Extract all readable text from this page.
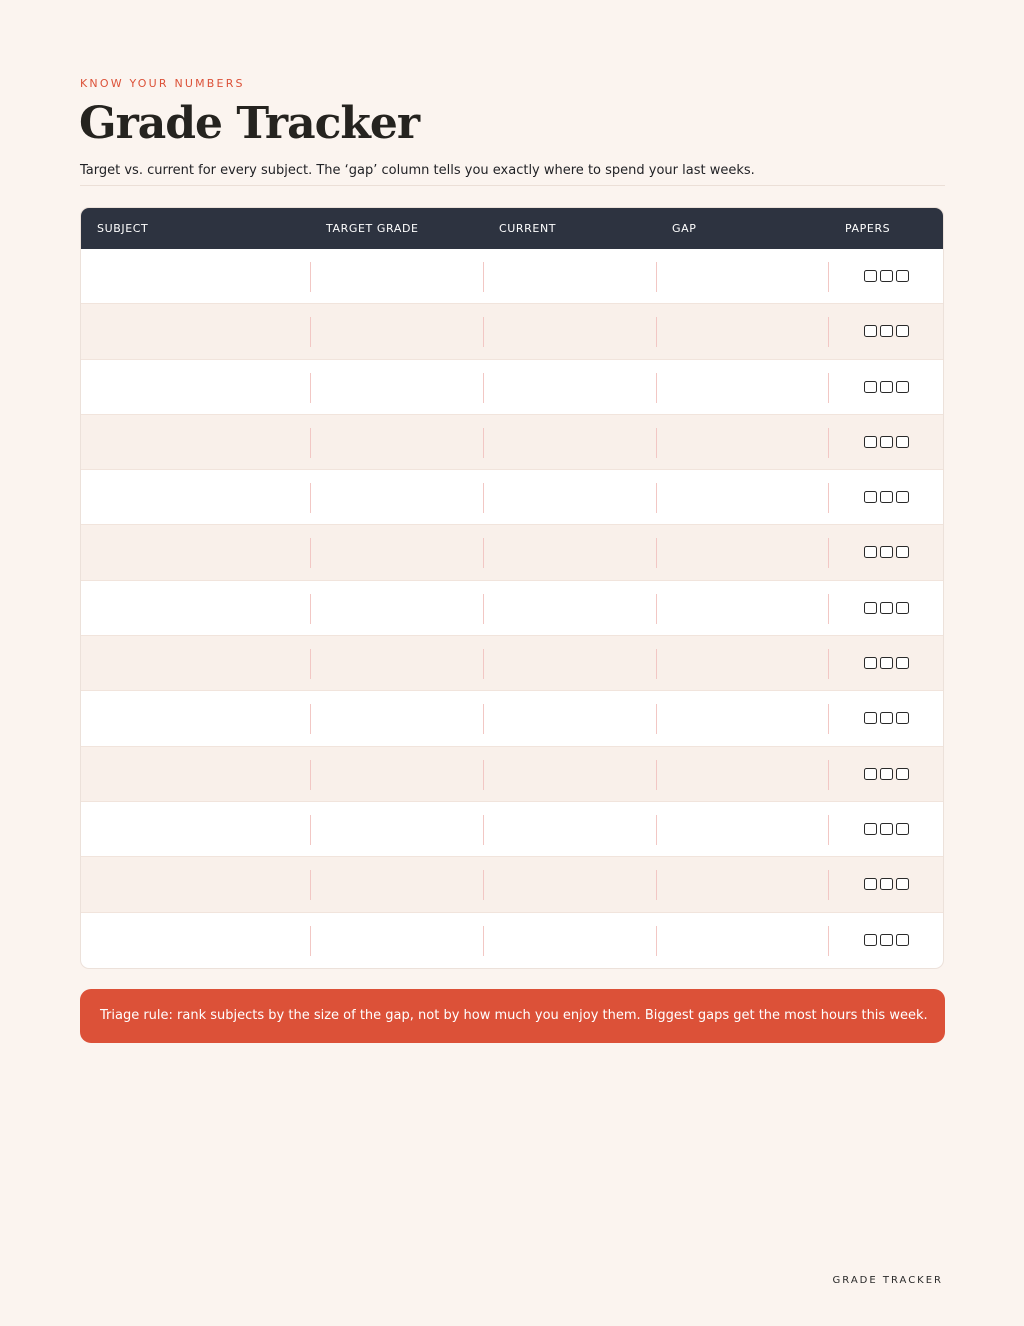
KNOW YOUR NUMBERS
Grade Tracker

Target vs. current for every subject. The ‘gap’ column tells you exactly where to spend your last weeks.

SUBJECT	TARGET GRADE	CURRENT	GAP	PAPERS
Triage rule: rank subjects by the size of the gap, not by how much you enjoy them. Biggest gaps get the most hours this week.
GRADE TRACKER
